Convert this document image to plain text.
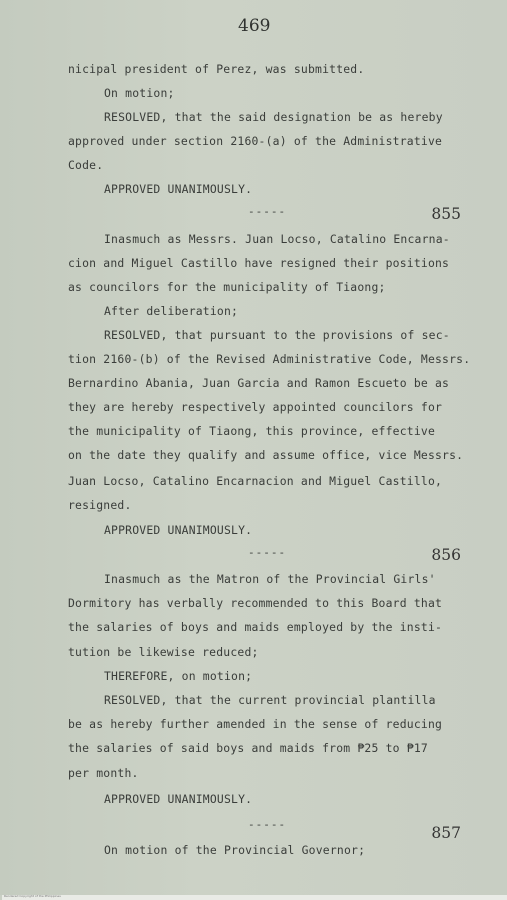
469
nicipal president of Perez, was submitted.
On motion;
RESOLVED, that the said designation be as hereby
approved under section 2160-(a) of the Administrative
Code.
APPROVED UNANIMOUSLY.
-----	855
Inasmuch as Messrs. Juan Locso, Catalino Encarna-
cion and Miguel Castillo have resigned their positions
as councilors for the municipality of Tiaong;
After deliberation;
RESOLVED, that pursuant to the provisions of sec-
tion 2160-(b) of the Revised Administrative Code, Messrs.
Bernardino Abania, Juan Garcia and Ramon Escueto be as
they are hereby respectively appointed councilors for
the municipality of Tiaong, this province, effective
on the date they qualify and assume office, vice Messrs.
Juan Locso, Catalino Encarnacion and Miguel Castillo,
resigned.
APPROVED UNANIMOUSLY.
-----	856
Inasmuch as the Matron of the Provincial Girls'
Dormitory has verbally recommended to this Board that
the salaries of boys and maids employed by the insti-
tution be likewise reduced;
THEREFORE, on motion;
RESOLVED, that the current provincial plantilla
be as hereby further amended in the sense of reducing
the salaries of said boys and maids from ₱25 to ₱17
per month.
APPROVED UNANIMOUSLY.
-----	857
On motion of the Provincial Governor;
Rendered Copyright of the Philippines
